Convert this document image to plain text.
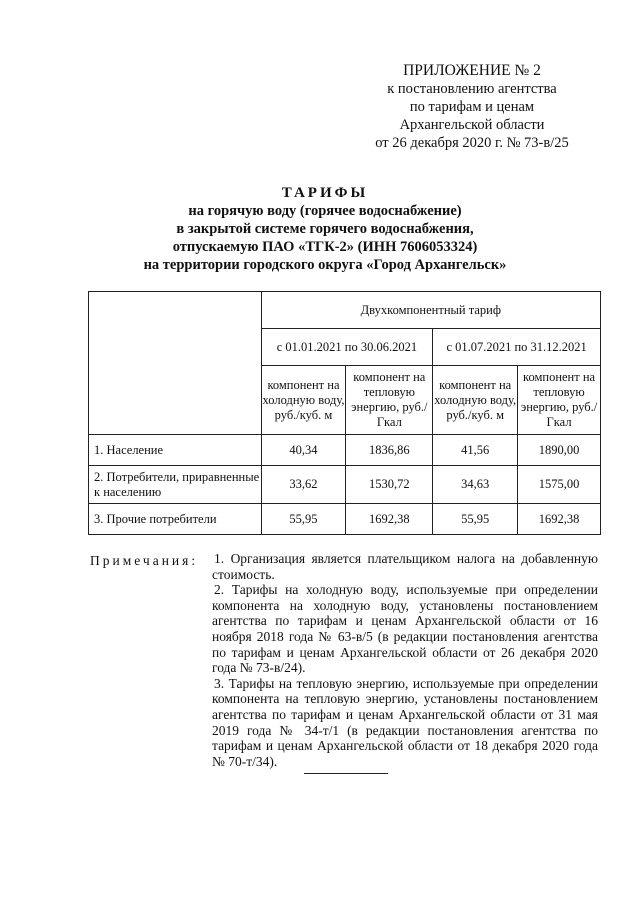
ПРИЛОЖЕНИЕ № 2
к постановлению агентства
по тарифам и ценам
Архангельской области
от 26 декабря 2020 г. № 73-в/25
ТАРИФЫ
на горячую воду (горячее водоснабжение)
в закрытой системе горячего водоснабжения,
отпускаемую ПАО «ТГК-2» (ИНН 7606053324)
на территории городского округа «Город Архангельск»
	Двухкомпонентный тариф			
	с 01.01.2021 по 30.06.2021		с 01.07.2021 по 31.12.2021	
	компонент на холодную воду, руб./куб. м	компонент на тепловую энергию, руб./Гкал	компонент на холодную воду, руб./куб. м	компонент на тепловую энергию, руб./Гкал
1. Население	40,34	1836,86	41,56	1890,00
2. Потребители, приравненные к населению	33,62	1530,72	34,63	1575,00
3. Прочие потребители	55,95	1692,38	55,95	1692,38
Примечания: 1. Организация является плательщиком налога на добавленную стоимость.

2. Тарифы на холодную воду, используемые при определении компонента на холодную воду, установлены постановлением агентства по тарифам и ценам Архангельской области от 16 ноября 2018 года № 63-в/5 (в редакции постановления агентства по тарифам и ценам Архангельской области от 26 декабря 2020 года № 73-в/24).

3. Тарифы на тепловую энергию, используемые при определении компонента на тепловую энергию, установлены постановлением агентства по тарифам и ценам Архангельской области от 31 мая 2019 года № 34-т/1 (в редакции постановления агентства по тарифам и ценам Архангельской области от 18 декабря 2020 года № 70-т/34).
